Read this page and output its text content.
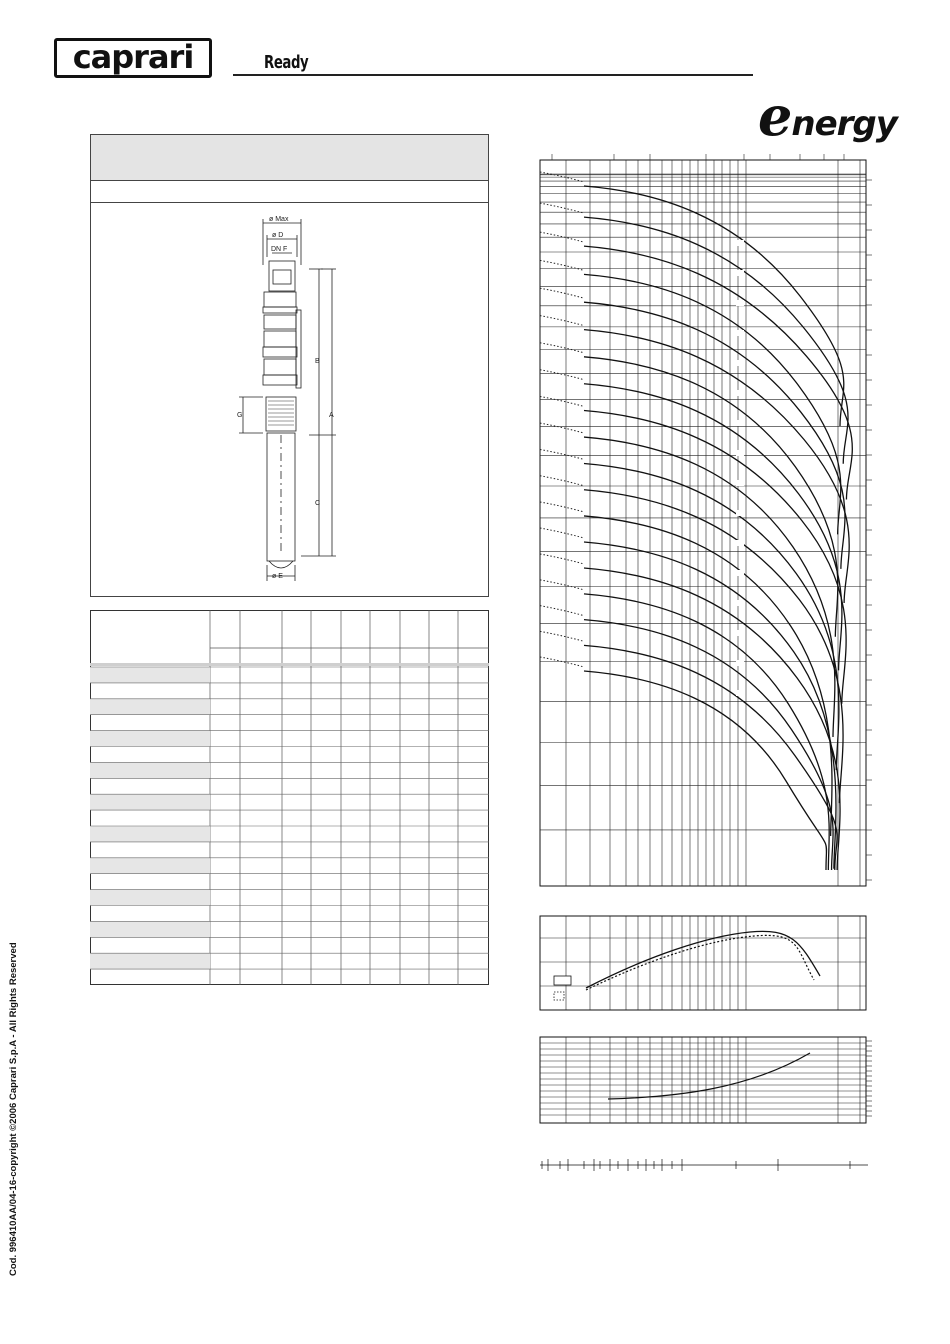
caprari	Ready
energy
Cod. 996410AA/04-16-copyright ©2006 Caprari S.p.A - All Rights Reserved
ø Max
ø D
DN F
B
A
C
G
ø E
